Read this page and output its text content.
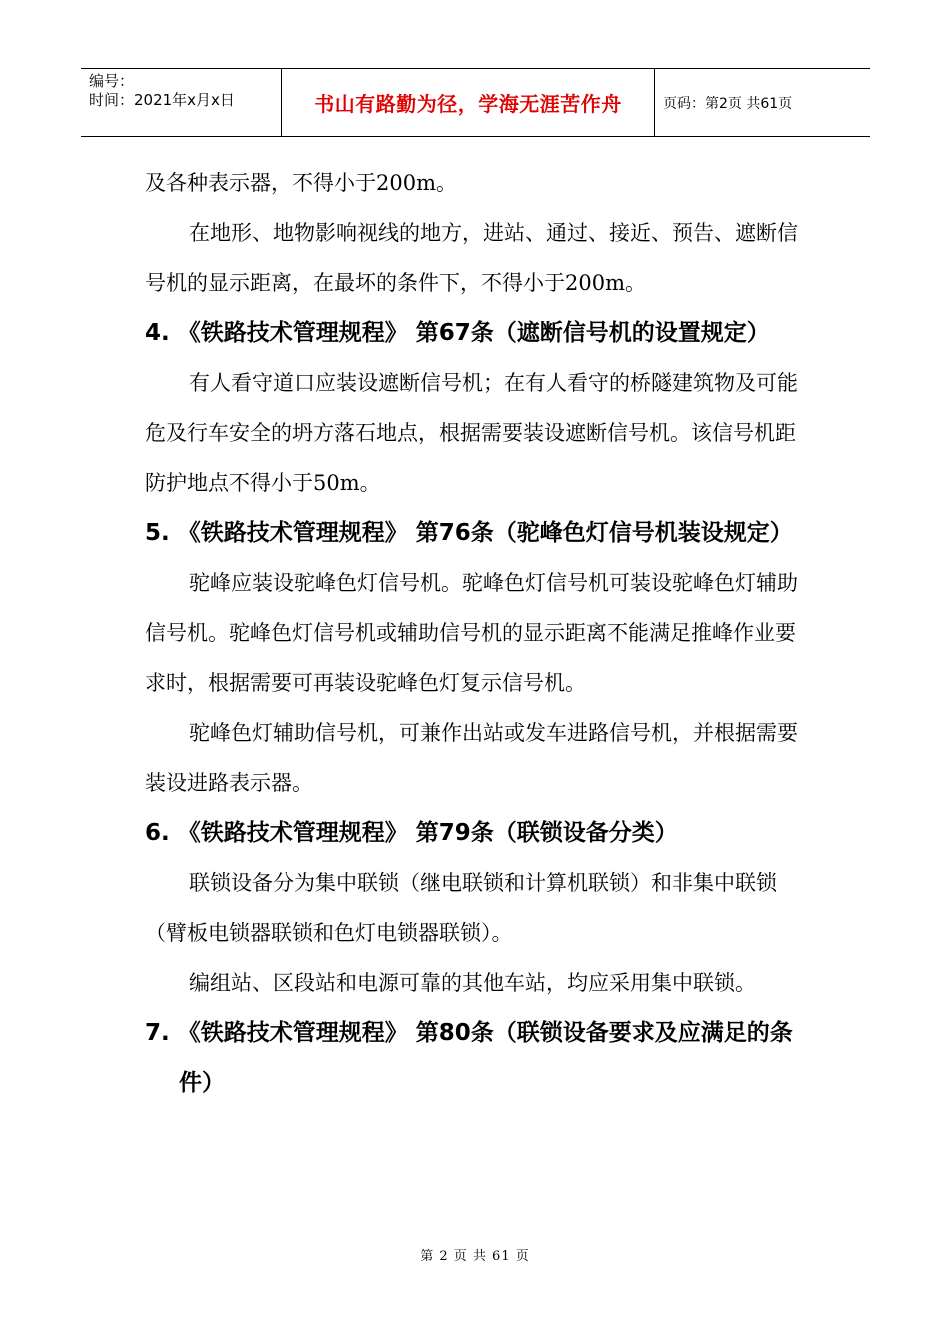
编号：
时间：2021年x月x日	书山有路勤为径，学海无涯苦作舟	页码：第2页 共61页

及各种表示器，不得小于200m。

在地形、地物影响视线的地方，进站、通过、接近、预告、遮断信号机的显示距离，在最坏的条件下，不得小于200m。

4. 《铁路技术管理规程》 第67条（遮断信号机的设置规定）

有人看守道口应装设遮断信号机；在有人看守的桥隧建筑物及可能危及行车安全的坍方落石地点，根据需要装设遮断信号机。该信号机距防护地点不得小于50m。

5. 《铁路技术管理规程》 第76条（驼峰色灯信号机装设规定）

驼峰应装设驼峰色灯信号机。驼峰色灯信号机可装设驼峰色灯辅助信号机。驼峰色灯信号机或辅助信号机的显示距离不能满足推峰作业要求时，根据需要可再装设驼峰色灯复示信号机。

驼峰色灯辅助信号机，可兼作出站或发车进路信号机，并根据需要装设进路表示器。

6. 《铁路技术管理规程》 第79条（联锁设备分类）

联锁设备分为集中联锁（继电联锁和计算机联锁）和非集中联锁（臂板电锁器联锁和色灯电锁器联锁）。

编组站、区段站和电源可靠的其他车站，均应采用集中联锁。

7. 《铁路技术管理规程》 第80条（联锁设备要求及应满足的条件）

第 2 页 共 61 页
